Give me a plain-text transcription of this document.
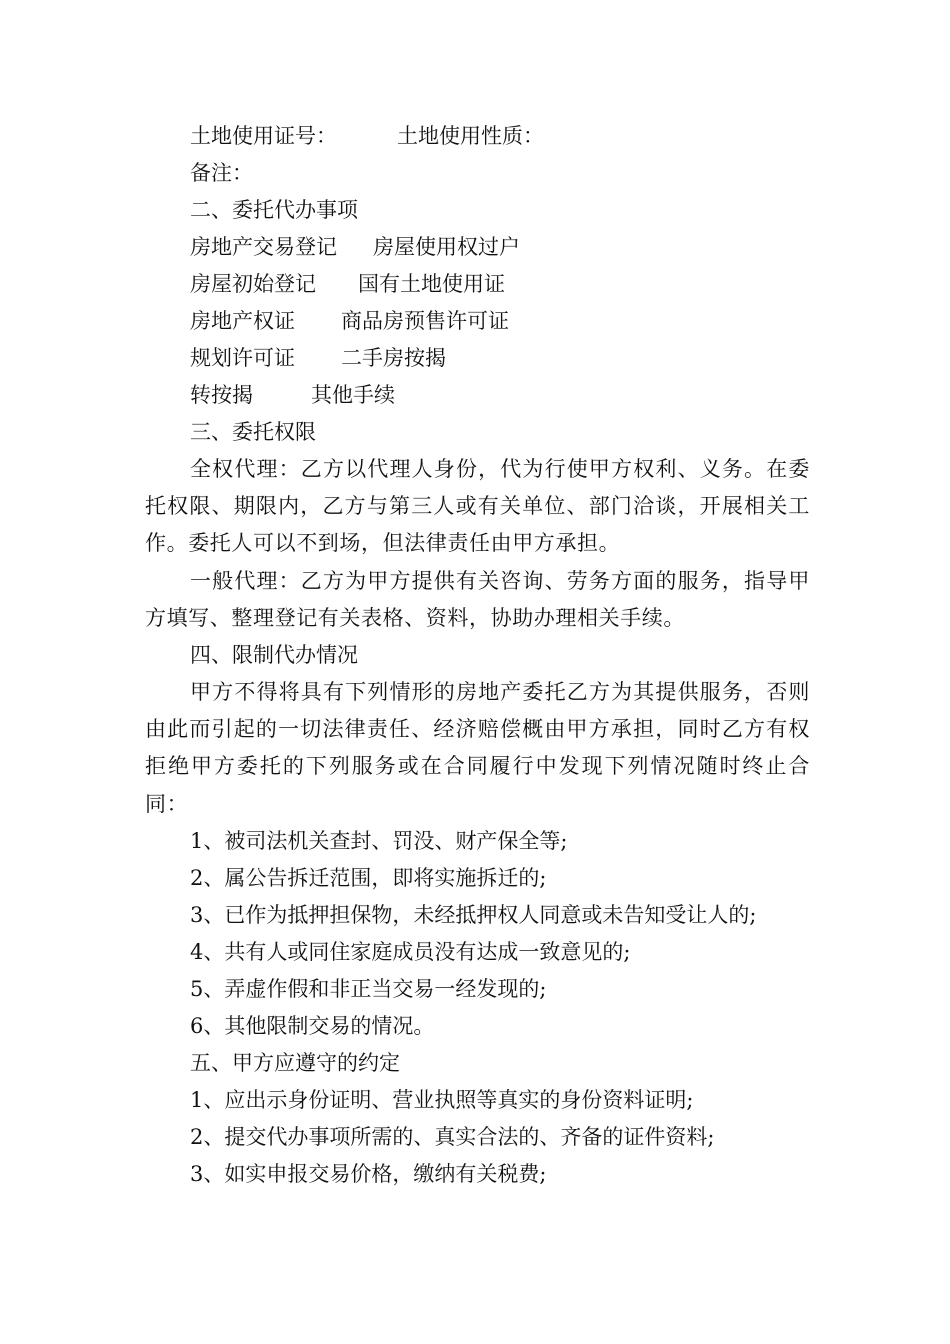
土地使用证号：	土地使用性质：
备注：
二、委托代办事项
房地产交易登记 房屋使用权过户
房屋初始登记 国有土地使用证
房地产权证 商品房预售许可证
规划许可证 二手房按揭
转按揭	其他手续
三、委托权限
全权代理：乙方以代理人身份，代为行使甲方权利、义务。在委托权限、期限内，乙方与第三人或有关单位、部门洽谈，开展相关工作。委托人可以不到场，但法律责任由甲方承担。
一般代理：乙方为甲方提供有关咨询、劳务方面的服务，指导甲方填写、整理登记有关表格、资料，协助办理相关手续。
四、限制代办情况
甲方不得将具有下列情形的房地产委托乙方为其提供服务，否则由此而引起的一切法律责任、经济赔偿概由甲方承担，同时乙方有权拒绝甲方委托的下列服务或在合同履行中发现下列情况随时终止合同：
1、被司法机关查封、罚没、财产保全等;
2、属公告拆迁范围，即将实施拆迁的;
3、已作为抵押担保物，未经抵押权人同意或未告知受让人的;
4、共有人或同住家庭成员没有达成一致意见的;
5、弄虚作假和非正当交易一经发现的;
6、其他限制交易的情况。
五、甲方应遵守的约定
1、应出示身份证明、营业执照等真实的身份资料证明;
2、提交代办事项所需的、真实合法的、齐备的证件资料;
3、如实申报交易价格，缴纳有关税费;
